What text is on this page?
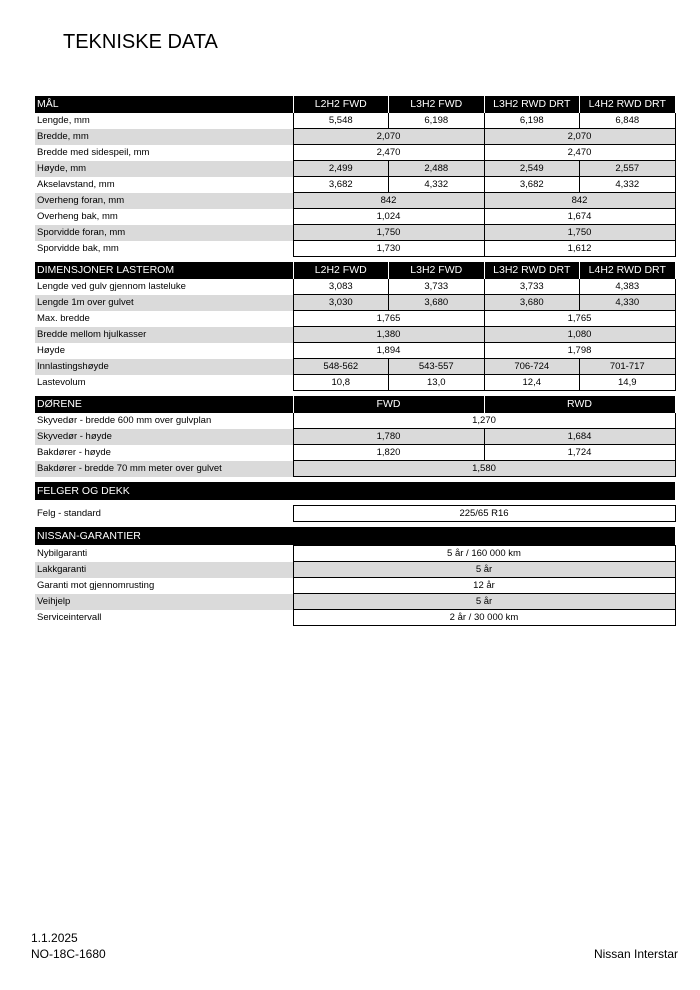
TEKNISKE DATA
MÅL	L2H2 FWD	L3H2 FWD	L3H2 RWD DRT	L4H2 RWD DRT
Lengde, mm	5,548	6,198	6,198	6,848
Bredde, mm	2,070		2,070	
Bredde med sidespeil, mm	2,470		2,470	
Høyde, mm	2,499	2,488	2,549	2,557
Akselavstand, mm	3,682	4,332	3,682	4,332
Overheng foran, mm	842		842	
Overheng bak, mm	1,024		1,674	
Sporvidde foran, mm	1,750		1,750	
Sporvidde bak, mm	1,730		1,612	

DIMENSJONER LASTEROM	L2H2 FWD	L3H2 FWD	L3H2 RWD DRT	L4H2 RWD DRT
Lengde ved gulv gjennom lasteluke	3,083	3,733	3,733	4,383
Lengde 1m over gulvet	3,030	3,680	3,680	4,330
Max. bredde	1,765		1,765	
Bredde mellom hjulkasser	1,380		1,080	
Høyde	1,894		1,798	
Innlastingshøyde	548-562	543-557	706-724	701-717
Lastevolum	10,8	13,0	12,4	14,9

DØRENE	FWD		RWD	
Skyvedør - bredde 600 mm over gulvplan	1,270			
Skyvedør - høyde	1,780		1,684	
Bakdører - høyde	1,820		1,724	
Bakdører - bredde 70 mm meter over gulvet	1,580			

FELGER OG DEKK				

Felg - standard	225/65 R16			

NISSAN-GARANTIER				
Nybilgaranti	5 år / 160 000 km			
Lakkgaranti	5 år			
Garanti mot gjennomrusting	12 år			
Veihjelp	5 år			
Serviceintervall	2 år / 30 000 km			
1.1.2025
NO-18C-1680	Nissan Interstar
